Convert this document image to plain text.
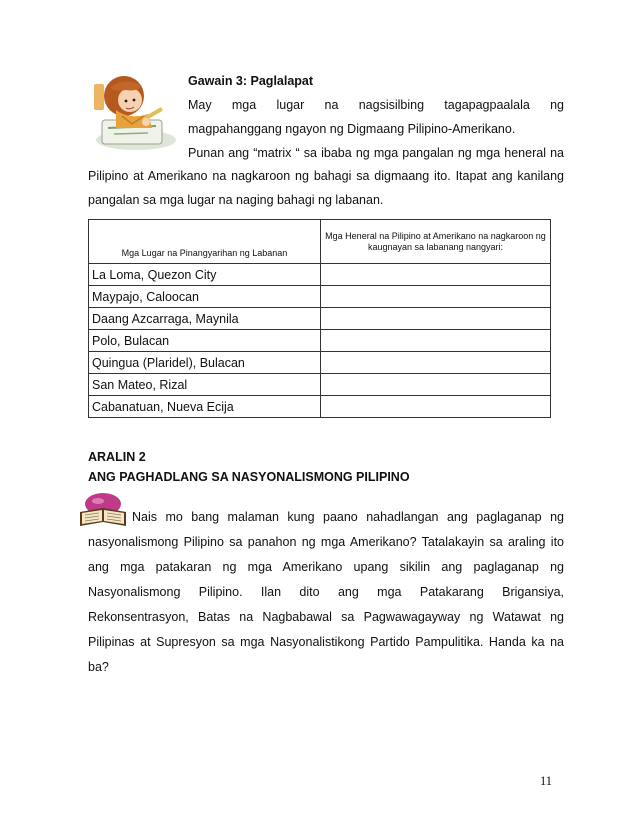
Gawain 3: Paglalapat
May mga lugar na nagsisilbing tagapagpaalala ng
magpahanggang ngayon ng Digmaang Pilipino-Amerikano.
Punan ang “matrix “ sa ibaba ng mga pangalan ng mga heneral na
Pilipino at Amerikano na nagkaroon ng bahagi sa digmaang ito. Itapat ang kanilang
pangalan sa mga lugar na naging bahagi ng labanan.
Mga Lugar na Pinangyarihan ng Labanan	Mga Heneral na Pilipino at Amerikano na nagkaroon ng kaugnayan sa labanang nangyari:
La Loma, Quezon City	
Maypajo, Caloocan	
Daang Azcarraga, Maynila	
Polo, Bulacan	
Quingua (Plaridel), Bulacan	
San Mateo, Rizal	
Cabanatuan, Nueva Ecija	
ARALIN 2
ANG PAGHADLANG SA NASYONALISMONG PILIPINO
Nais mo bang malaman kung paano nahadlangan ang paglaganap ng
nasyonalismong Pilipino sa panahon ng mga Amerikano? Tatalakayin sa araling ito
ang mga patakaran ng mga Amerikano upang sikilin ang paglaganap ng
Nasyonalismong Pilipino. Ilan dito ang mga Patakarang Brigansiya,
Rekonsentrasyon, Batas na Nagbabawal sa Pagwawagayway ng Watawat ng
Pilipinas at Supresyon sa mga Nasyonalistikong Partido Pampulitika. Handa ka na
ba?
11
